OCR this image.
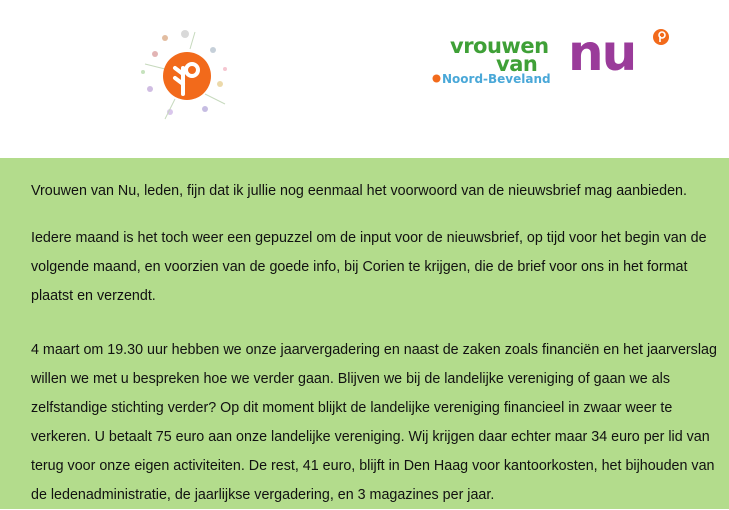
vrouwen
van nu
Noord-Beveland

Vrouwen van Nu, leden, fijn dat ik jullie nog eenmaal het voorwoord van de nieuwsbrief mag aanbieden.

Iedere maand is het toch weer een gepuzzel om de input voor de nieuwsbrief, op tijd voor het begin van de volgende maand, en voorzien van de goede info, bij Corien te krijgen, die de brief voor ons in het format plaatst en verzendt.

4 maart om 19.30 uur hebben we onze jaarvergadering en naast de zaken zoals financiën en het jaarverslag willen we met u bespreken hoe we verder gaan. Blijven we bij de landelijke vereniging of gaan we als zelfstandige stichting verder? Op dit moment blijkt de landelijke vereniging financieel in zwaar weer te verkeren. U betaalt 75 euro aan onze landelijke vereniging. Wij krijgen daar echter maar 34 euro per lid van terug voor onze eigen activiteiten. De rest, 41 euro, blijft in Den Haag voor kantoorkosten, het bijhouden van de ledenadministratie, de jaarlijkse vergadering, en 3 magazines per jaar.
